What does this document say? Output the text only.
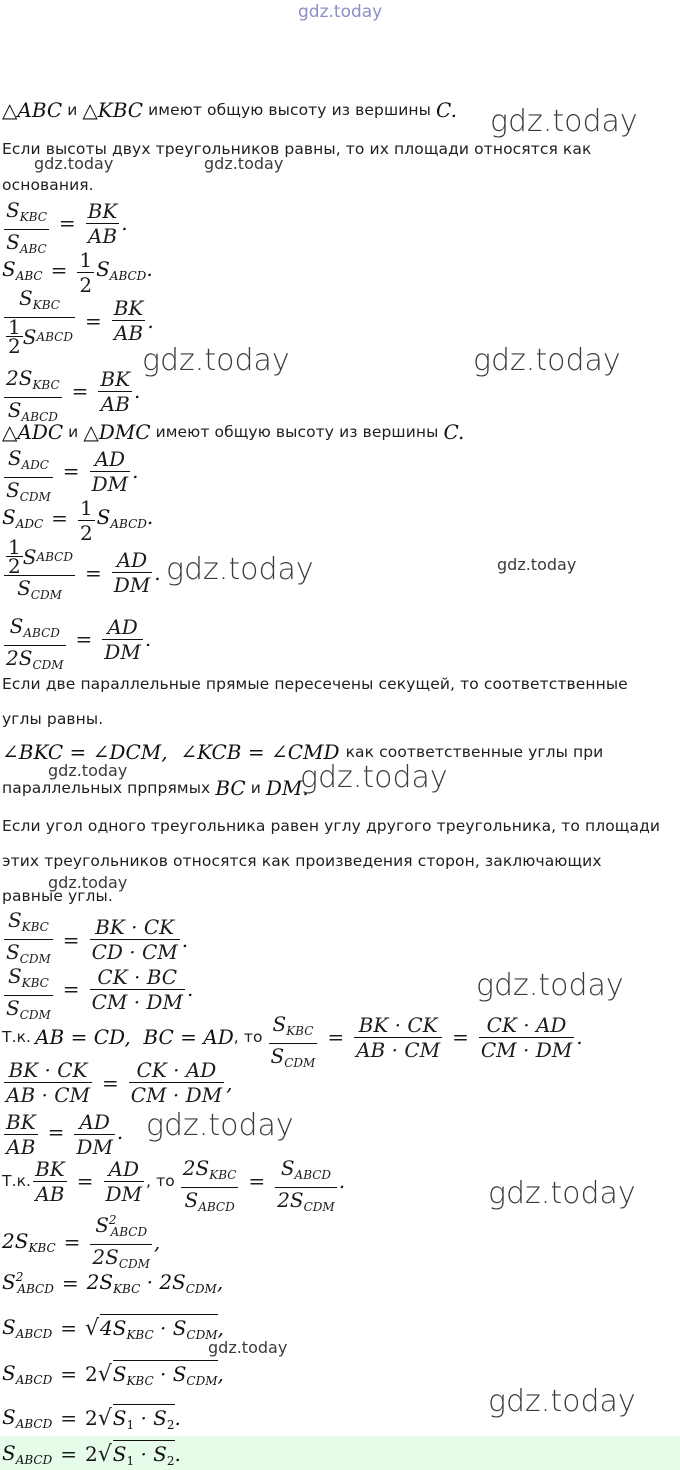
gdz.today
△ABC и △KBC имеют общую высоту из вершины C. gdz.today
Если высоты двух треугольников равны, то их площади относятся как
gdz.today	gdz.today
основания.
$\frac{S_{KBC}}{S_{ABC}} = \frac{BK}{AB}$ .
$S_{ABC} = \frac{1}{2} S_{ABCD}$.
$\frac{S_{KBC}}{\frac{1}{2} S ABCD} = \frac{BK}{AB}$ .
gdz.today	gdz.today
$\frac{2S_{KBC}}{S_{ABCD}} = \frac{BK}{AB}$ .
△ADC и △DMC имеют общую высоту из вершины C.
$\frac{S_{ADC}}{S_{CDM}} = \frac{AD}{DM}$ .
$S_{ADC} = \frac{1}{2} S_{ABCD}$.
$\frac{\frac{1}{2} S ABCD}{S_{CDM}} = \frac{AD}{DM}$ . gdz.today	gdz.today
$\frac{S_{ABCD}}{2S_{CDM}} = \frac{AD}{DM}$ .
Если две параллельные прямые пересечены секущей, то соответственные
углы равны.
∠BKC = ∠DCM,  ∠KCB = ∠CMD как соответственные углы при
gdz.today
параллельных прпрямых BC и DM.
gdz.today
Если угол одного треугольника равен углу другого треугольника, то площади
этих треугольников относятся как произведения сторон, заключающих
gdz.today
равные углы.
$\frac{S_{KBC}}{S_{CDM}} = \frac{BK \cdot CK}{CD \cdot CM}$ .
$\frac{S_{KBC}}{S_{CDM}} = \frac{CK \cdot BC}{CM \cdot DM}$ .	gdz.today
Т.к. AB = CD,  BC = AD , то $\frac{S_{KBC}}{S_{CDM}} = \frac{BK \cdot CK}{AB \cdot CM} = \frac{CK \cdot AD}{CM \cdot DM}$ .
$\frac{BK \cdot CK}{AB \cdot CM} = \frac{CK \cdot AD}{CM \cdot DM}$ ,
$\frac{BK}{AB} = \frac{AD}{DM}$ . gdz.today
Т.к. $\frac{BK}{AB} = \frac{AD}{DM}$ , то $\frac{2S_{KBC}}{S_{ABCD}} = \frac{S_{ABCD}}{2S_{CDM}}$ .	gdz.today
$2S_{KBC} = \frac{S^2_{ABCD}}{2S_{CDM}}$ ,
$S^2_{ABCD} = 2S_{KBC} \cdot 2S_{CDM}$,
$S_{ABCD}$ = √ $4S_{KBC} \cdot S_{CDM}$ ,
gdz.today
$S_{ABCD} = 2$ √ $S_{KBC} \cdot S_{CDM}$ ,
gdz.today
$S_{ABCD} = 2$ √ $S_1 \cdot S_2$ .
$S_{ABCD} = 2$ √ $S_1 \cdot S_2$ .
